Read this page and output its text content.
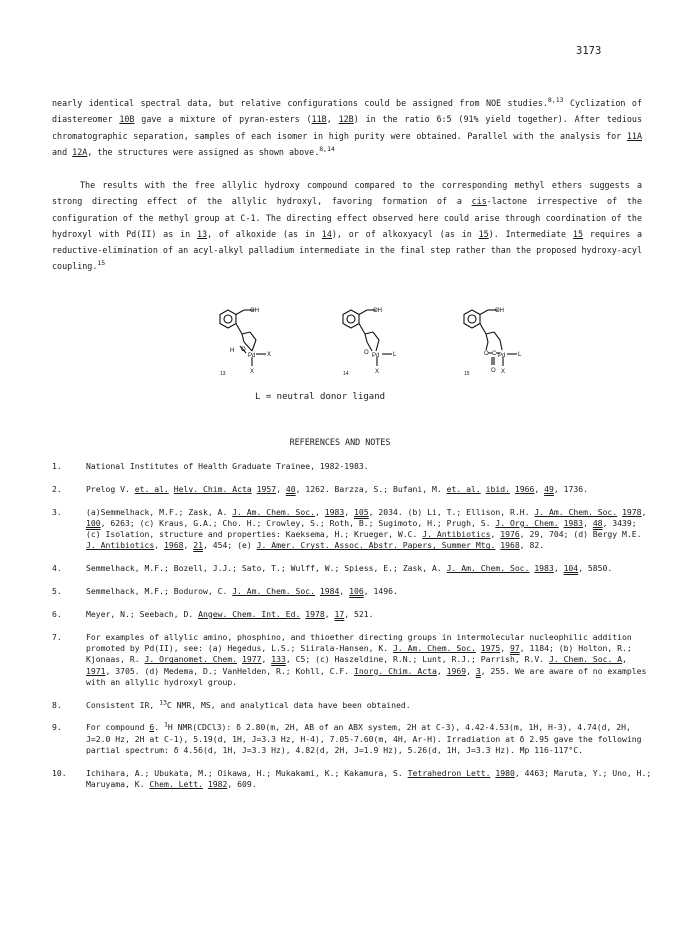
3173

nearly identical spectral data, but relative configurations could be assigned from NOE studies.$^{8,13}$ Cyclization of diastereomer 10B gave a mixture of pyran-esters (11B, 12B) in the ratio 6:5 (91% yield together). After tedious chromatographic separation, samples of each isomer in high purity were obtained. Parallel with the analysis for 11A and 12A, the structures were assigned as shown above.$^{8,14}$

The results with the free allylic hydroxy compound compared to the corresponding methyl ethers suggests a strong directing effect of the allylic hydroxyl, favoring formation of a cis-lactone irrespective of the configuration of the methyl group at C-1. The directing effect observed here could arise through coordination of the hydroxyl with Pd(II) as in 13, of alkoxide (as in 14), or of alkoxyacyl (as in 15). Intermediate 15 requires a reductive-elimination of an acyl-alkyl palladium intermediate in the final step rather than the proposed hydroxy-acyl coupling.$^{15}$

OH
H O
Pd X
X
13
OH
O Pd L
X
14
OH
O C Pd L
O X
15
L = neutral donor ligand
REFERENCES AND NOTES
1.	National Institutes of Health Graduate Trainee, 1982-1983.
2.	Prelog V. et. al. Helv. Chim. Acta 1957, 40, 1262. Barzza, S.; Bufani, M. et. al. ibid. 1966, 49, 1736.
3.	(a)Semmelhack, M.F.; Zask, A. J. Am. Chem. Soc., 1983, 105, 2034. (b) Li, T.; Ellison, R.H. J. Am. Chem. Soc. 1978, 100, 6263; (c) Kraus, G.A.; Cho. H.; Crowley, S.; Roth, B.; Sugimoto, H.; Prugh, S. J. Org. Chem. 1983, 48, 3439; (c) Isolation, structure and properties: Kaeksema, H.; Krueger, W.C. J. Antibiotics, 1976, 29, 704; (d) Bergy M.E. J. Antibiotics, 1968, 21, 454; (e) J. Amer. Cryst. Assoc. Abstr. Papers, Summer Mtg. 1968, 82.
4.	Semmelhack, M.F.; Bozell, J.J.; Sato, T.; Wulff, W.; Spiess, E.; Zask, A. J. Am. Chem. Soc. 1983, 104, 5850.
5.	Semmelhack, M.F.; Bodurow, C. J. Am. Chem. Soc. 1984, 106, 1496.
6.	Meyer, N.; Seebach, D. Angew. Chem. Int. Ed. 1978, 17, 521.
7.	For examples of allylic amino, phosphino, and thioether directing groups in intermolecular nucleophilic addition promoted by Pd(II), see: (a) Hegedus, L.S.; Siirala-Hansen, K. J. Am. Chem. Soc. 1975, 97, 1184; (b) Holton, R.; Kjonaas, R. J. Organomet. Chem. 1977, 133, C5; (c) Haszeldine, R.N.; Lunt, R.J.; Parrish, R.V. J. Chem. Soc. A, 1971, 3705. (d) Medema, D.; VanHelden, R.; Kohll, C.F. Inorg. Chim. Acta, 1969, 3, 255. We are aware of no examples with an allylic hydroxyl group.
8.	Consistent IR, $^{13}$C NMR, MS, and analytical data have been obtained.
9.	For compound 6. $^1$H NMR(CDCl3): δ 2.80(m, 2H, AB of an ABX system, 2H at C-3), 4.42-4.53(m, 1H, H-3), 4.74(d, 2H, J=2.0 Hz, 2H at C-1), 5.19(d, 1H, J=3.3 Hz, H-4), 7.05-7.60(m, 4H, Ar-H). Irradiation at δ 2.95 gave the following partial spectrum: δ 4.56(d, 1H, J=3.3 Hz), 4.82(d, 2H, J=1.9 Hz), 5.26(d, 1H, J=3.3 Hz). Mp 116-117°C.
10.	Ichihara, A.; Ubukata, M.; Oikawa, H.; Mukakami, K.; Kakamura, S. Tetrahedron Lett. 1980, 4463; Maruta, Y.; Uno, H.; Maruyama, K. Chem. Lett. 1982, 609.
